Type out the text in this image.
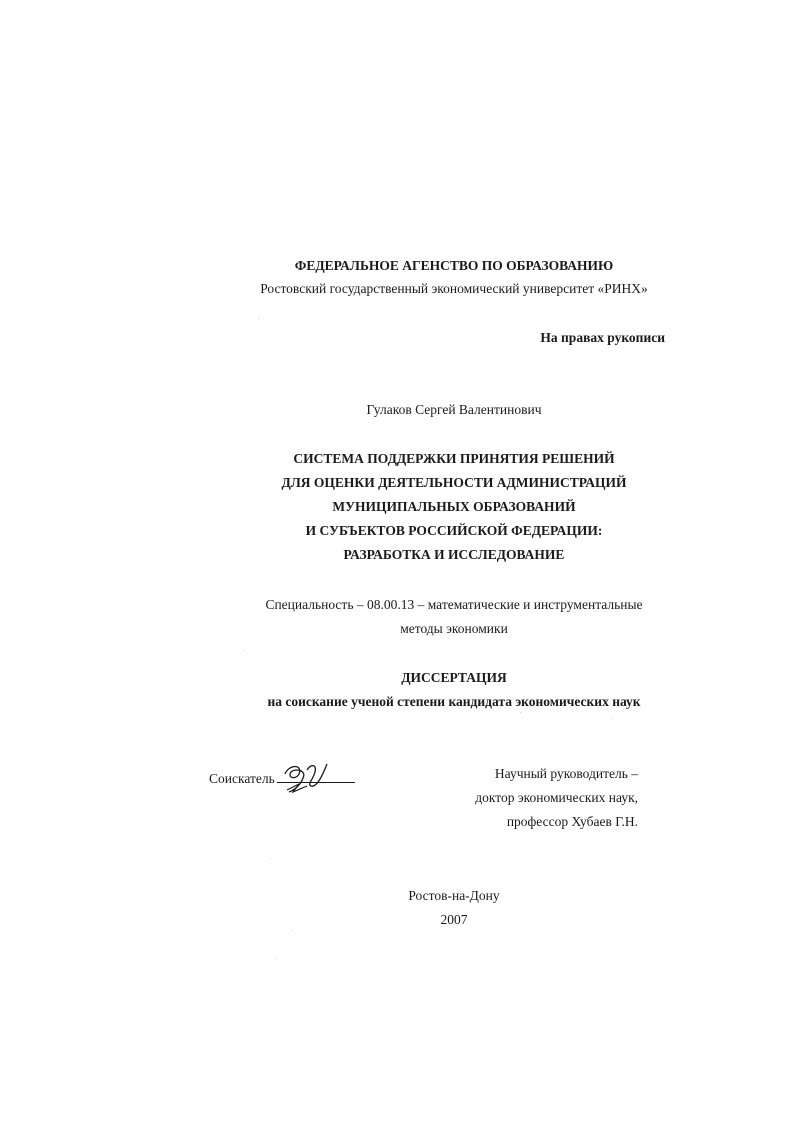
ФЕДЕРАЛЬНОЕ АГЕНСТВО ПО ОБРАЗОВАНИЮ
Ростовский государственный экономический университет «РИНХ»
На правах рукописи
Гулаков Сергей Валентинович
СИСТЕМА ПОДДЕРЖКИ ПРИНЯТИЯ РЕШЕНИЙ
ДЛЯ ОЦЕНКИ ДЕЯТЕЛЬНОСТИ АДМИНИСТРАЦИЙ
МУНИЦИПАЛЬНЫХ ОБРАЗОВАНИЙ
И СУБЪЕКТОВ РОССИЙСКОЙ ФЕДЕРАЦИИ:
РАЗРАБОТКА И ИССЛЕДОВАНИЕ
Специальность – 08.00.13 – математические и инструментальные
методы экономики
ДИССЕРТАЦИЯ
на соискание ученой степени кандидата экономических наук
Соискатель	Научный руководитель –
доктор экономических наук,
профессор Хубаев Г.Н.
Ростов-на-Дону
2007
